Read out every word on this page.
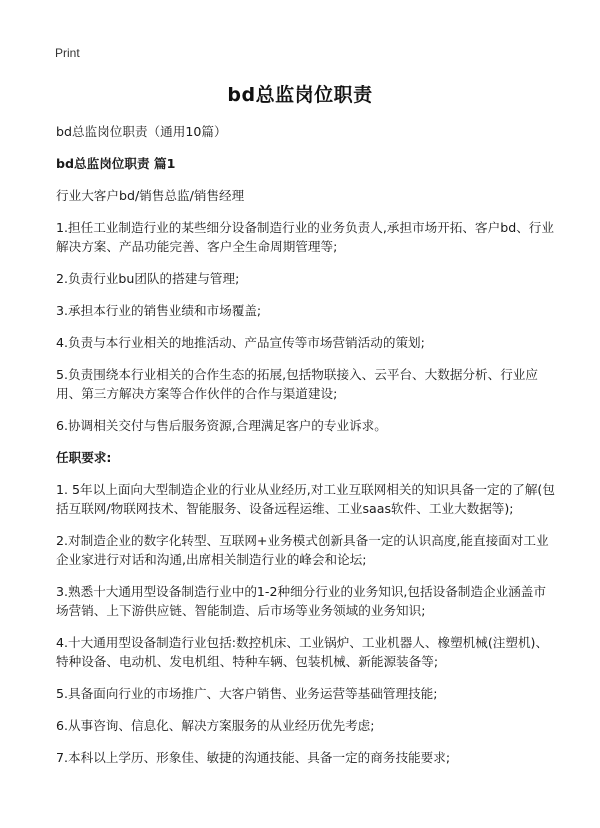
Print
bd总监岗位职责
bd总监岗位职责（通用10篇）
bd总监岗位职责 篇1
行业大客户bd/销售总监/销售经理
1.担任工业制造行业的某些细分设备制造行业的业务负责人,承担市场开拓、客户bd、行业解决方案、产品功能完善、客户全生命周期管理等;
2.负责行业bu团队的搭建与管理;
3.承担本行业的销售业绩和市场覆盖;
4.负责与本行业相关的地推活动、产品宣传等市场营销活动的策划;
5.负责围绕本行业相关的合作生态的拓展,包括物联接入、云平台、大数据分析、行业应用、第三方解决方案等合作伙伴的合作与渠道建设;
6.协调相关交付与售后服务资源,合理满足客户的专业诉求。
任职要求:
1. 5年以上面向大型制造企业的行业从业经历,对工业互联网相关的知识具备一定的了解(包括互联网/物联网技术、智能服务、设备远程运维、工业saas软件、工业大数据等);
2.对制造企业的数字化转型、互联网+业务模式创新具备一定的认识高度,能直接面对工业企业家进行对话和沟通,出席相关制造行业的峰会和论坛;
3.熟悉十大通用型设备制造行业中的1-2种细分行业的业务知识,包括设备制造企业涵盖市场营销、上下游供应链、智能制造、后市场等业务领域的业务知识;
4.十大通用型设备制造行业包括:数控机床、工业锅炉、工业机器人、橡塑机械(注塑机)、特种设备、电动机、发电机组、特种车辆、包装机械、新能源装备等;
5.具备面向行业的市场推广、大客户销售、业务运营等基础管理技能;
6.从事咨询、信息化、解决方案服务的从业经历优先考虑;
7.本科以上学历、形象佳、敏捷的沟通技能、具备一定的商务技能要求;
